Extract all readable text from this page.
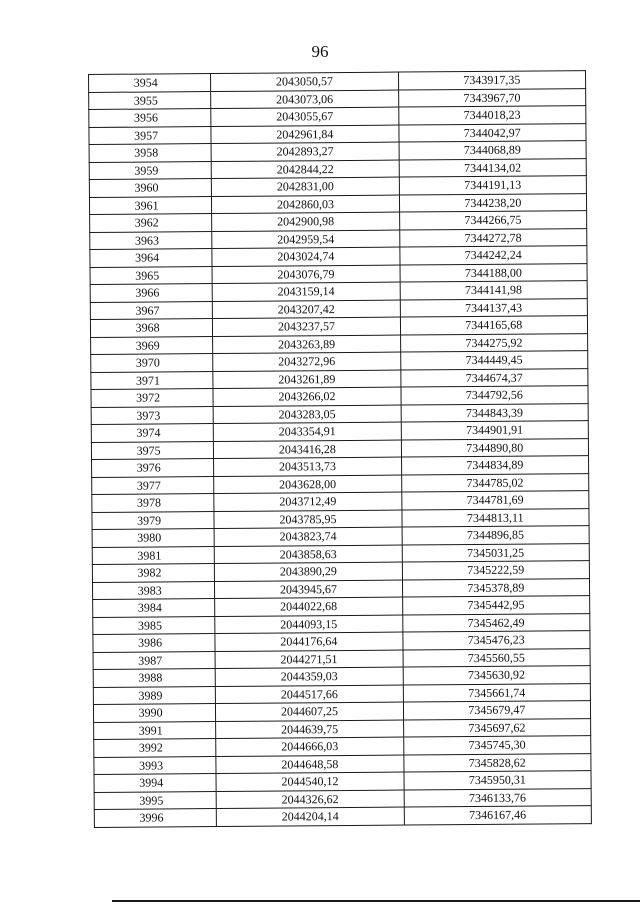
96
3954	2043050,57	7343917,35
3955	2043073,06	7343967,70
3956	2043055,67	7344018,23
3957	2042961,84	7344042,97
3958	2042893,27	7344068,89
3959	2042844,22	7344134,02
3960	2042831,00	7344191,13
3961	2042860,03	7344238,20
3962	2042900,98	7344266,75
3963	2042959,54	7344272,78
3964	2043024,74	7344242,24
3965	2043076,79	7344188,00
3966	2043159,14	7344141,98
3967	2043207,42	7344137,43
3968	2043237,57	7344165,68
3969	2043263,89	7344275,92
3970	2043272,96	7344449,45
3971	2043261,89	7344674,37
3972	2043266,02	7344792,56
3973	2043283,05	7344843,39
3974	2043354,91	7344901,91
3975	2043416,28	7344890,80
3976	2043513,73	7344834,89
3977	2043628,00	7344785,02
3978	2043712,49	7344781,69
3979	2043785,95	7344813,11
3980	2043823,74	7344896,85
3981	2043858,63	7345031,25
3982	2043890,29	7345222,59
3983	2043945,67	7345378,89
3984	2044022,68	7345442,95
3985	2044093,15	7345462,49
3986	2044176,64	7345476,23
3987	2044271,51	7345560,55
3988	2044359,03	7345630,92
3989	2044517,66	7345661,74
3990	2044607,25	7345679,47
3991	2044639,75	7345697,62
3992	2044666,03	7345745,30
3993	2044648,58	7345828,62
3994	2044540,12	7345950,31
3995	2044326,62	7346133,76
3996	2044204,14	7346167,46
